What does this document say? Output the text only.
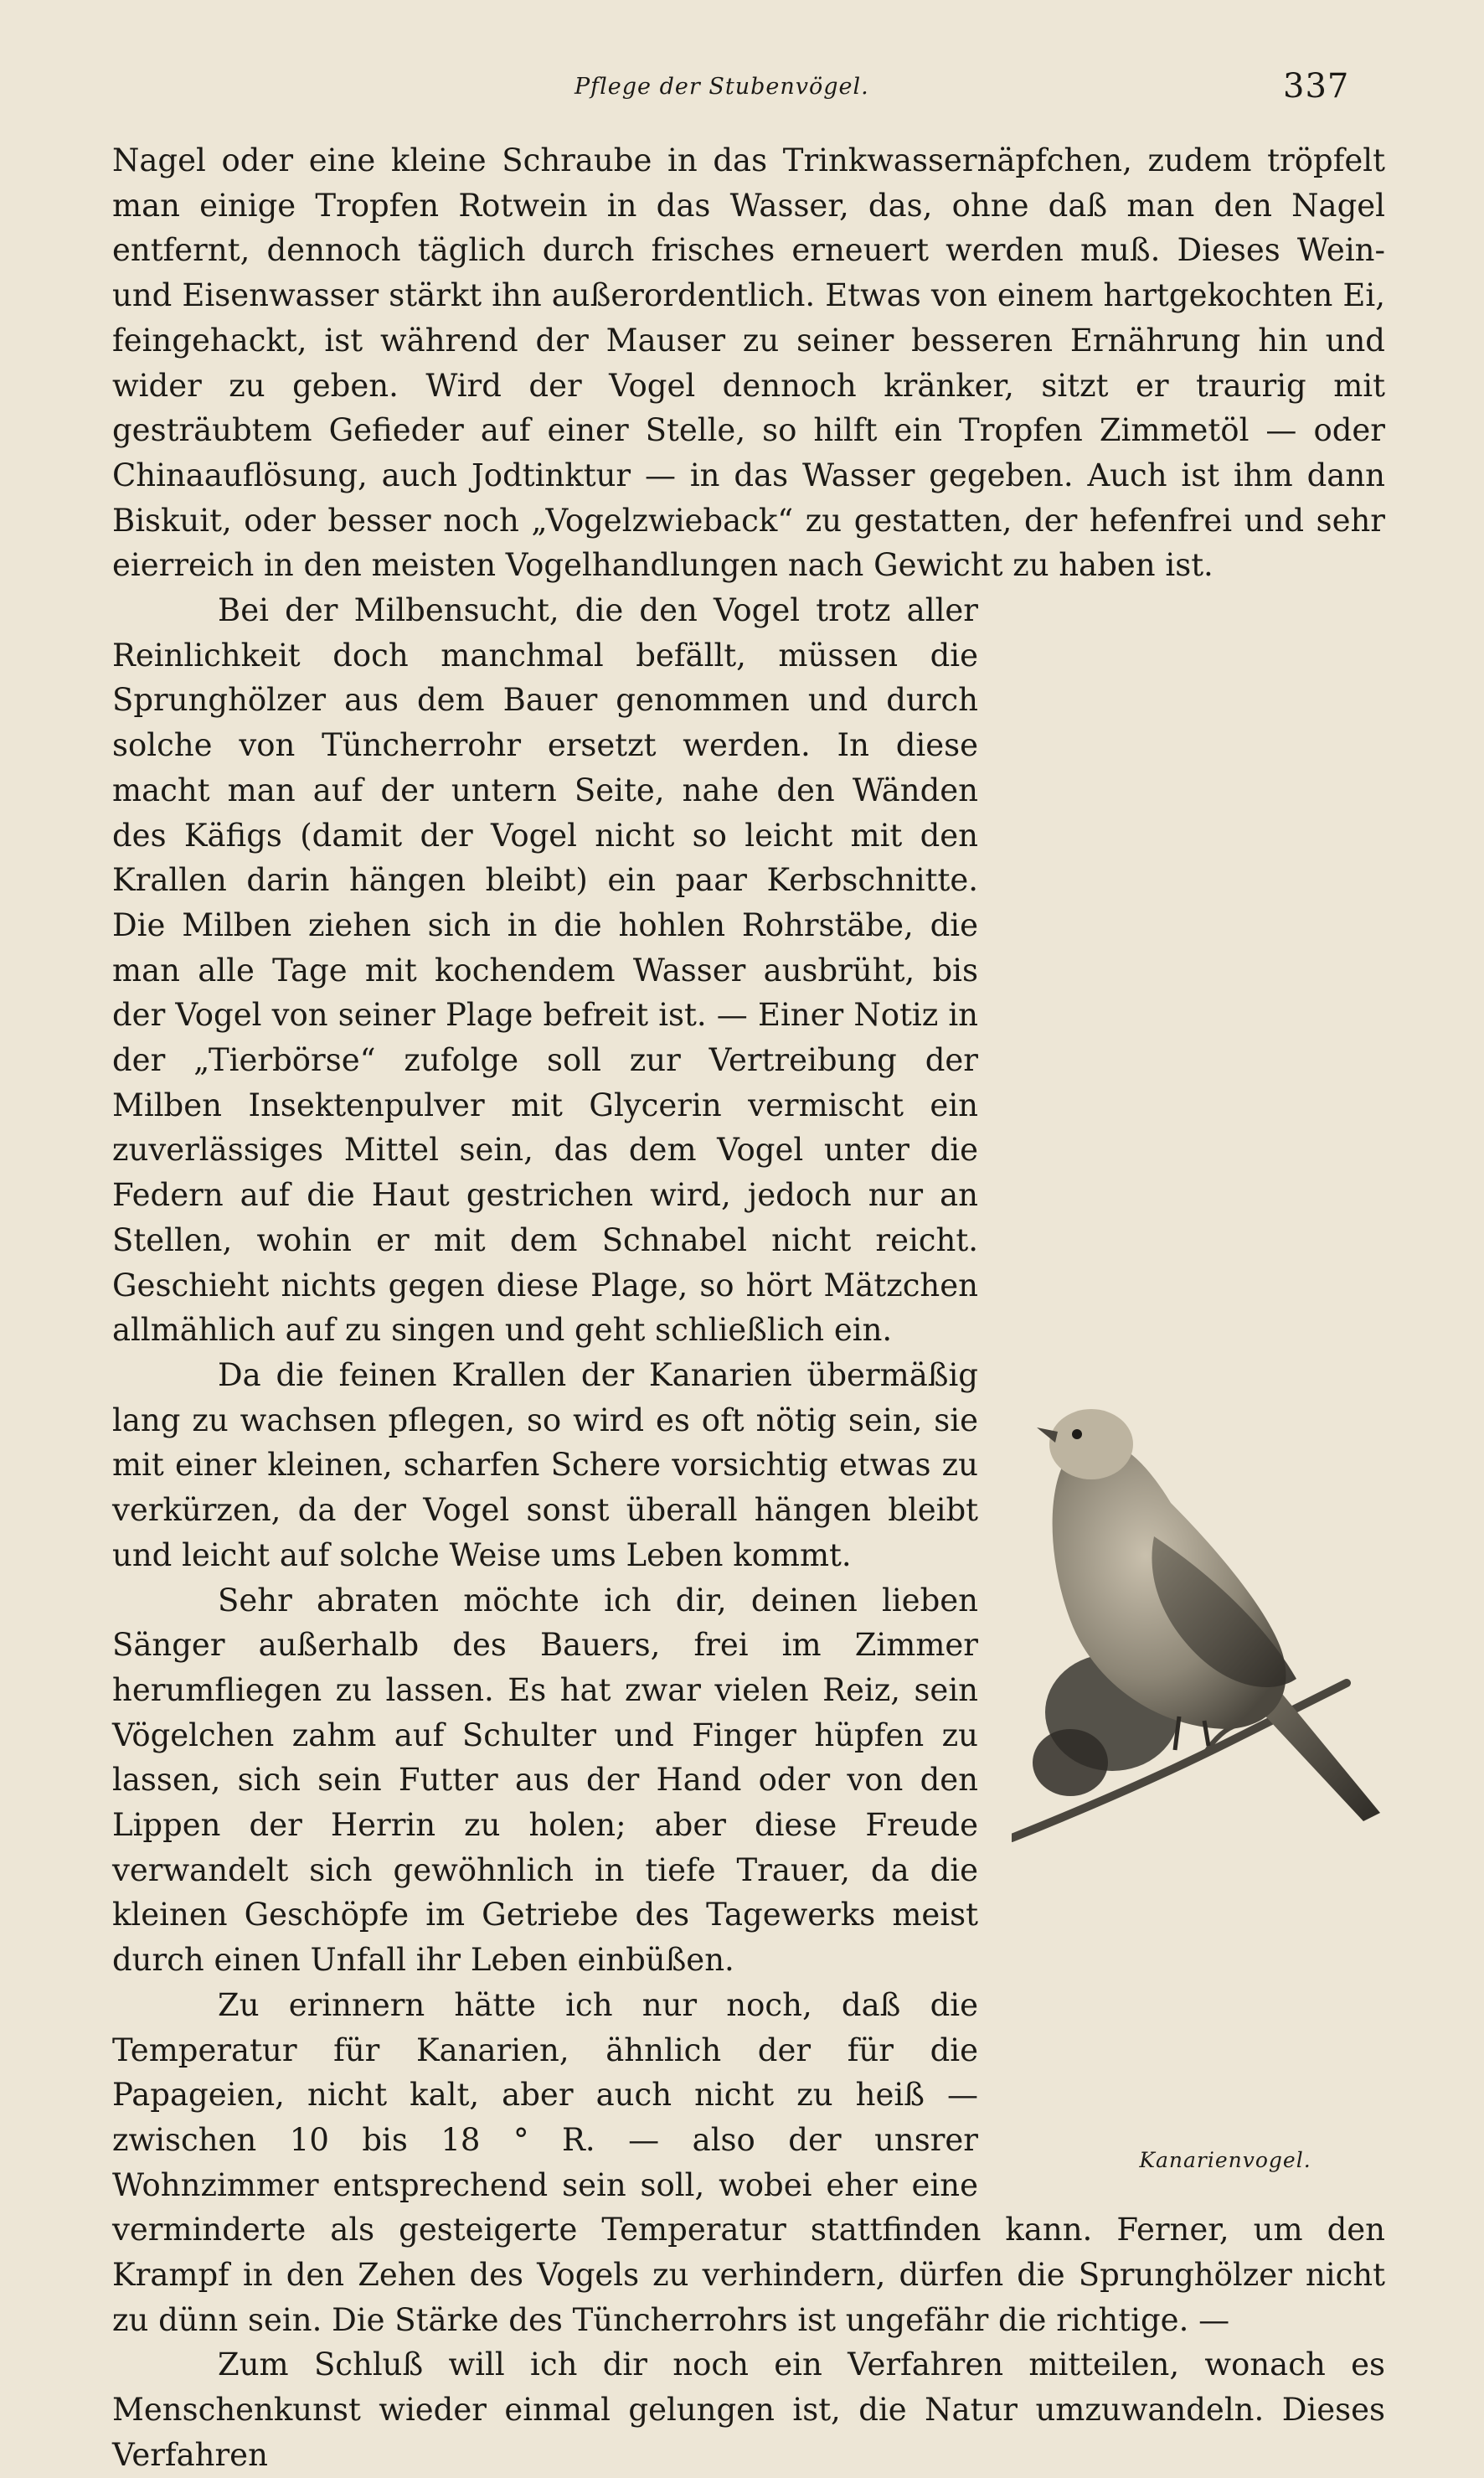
Pflege der Stubenvögel.	337

Nagel oder eine kleine Schraube in das Trinkwassernäpfchen, zudem tröpfelt man einige Tropfen Rotwein in das Wasser, das, ohne daß man den Nagel entfernt, dennoch täglich durch frisches erneuert werden muß. Dieses Wein- und Eisenwasser stärkt ihn außerordentlich. Etwas von einem hartgekochten Ei, feingehackt, ist während der Mauser zu seiner besseren Ernährung hin und wider zu geben. Wird der Vogel dennoch kränker, sitzt er traurig mit gesträubtem Gefieder auf einer Stelle, so hilft ein Tropfen Zimmetöl — oder Chinaauflösung, auch Jodtinktur — in das Wasser gegeben. Auch ist ihm dann Biskuit, oder besser noch „Vogelzwieback“ zu gestatten, der hefenfrei und sehr eierreich in den meisten Vogelhandlungen nach Gewicht zu haben ist.

Kanarienvogel.

Bei der Milbensucht, die den Vogel trotz aller Reinlichkeit doch manchmal befällt, müssen die Sprunghölzer aus dem Bauer genommen und durch solche von Tüncherrohr ersetzt werden. In diese macht man auf der untern Seite, nahe den Wänden des Käfigs (damit der Vogel nicht so leicht mit den Krallen darin hängen bleibt) ein paar Kerbschnitte. Die Milben ziehen sich in die hohlen Rohrstäbe, die man alle Tage mit kochendem Wasser ausbrüht, bis der Vogel von seiner Plage befreit ist. — Einer Notiz in der „Tierbörse“ zufolge soll zur Vertreibung der Milben Insektenpulver mit Glycerin vermischt ein zuverlässiges Mittel sein, das dem Vogel unter die Federn auf die Haut gestrichen wird, jedoch nur an Stellen, wohin er mit dem Schnabel nicht reicht. Geschieht nichts gegen diese Plage, so hört Mätzchen allmählich auf zu singen und geht schließlich ein.

Da die feinen Krallen der Kanarien übermäßig lang zu wachsen pflegen, so wird es oft nötig sein, sie mit einer kleinen, scharfen Schere vorsichtig etwas zu verkürzen, da der Vogel sonst überall hängen bleibt und leicht auf solche Weise ums Leben kommt.

Sehr abraten möchte ich dir, deinen lieben Sänger außerhalb des Bauers, frei im Zimmer herumfliegen zu lassen. Es hat zwar vielen Reiz, sein Vögelchen zahm auf Schulter und Finger hüpfen zu lassen, sich sein Futter aus der Hand oder von den Lippen der Herrin zu holen; aber diese Freude verwandelt sich gewöhnlich in tiefe Trauer, da die kleinen Geschöpfe im Getriebe des Tagewerks meist durch einen Unfall ihr Leben einbüßen.

Zu erinnern hätte ich nur noch, daß die Temperatur für Kanarien, ähnlich der für die Papageien, nicht kalt, aber auch nicht zu heiß — zwischen 10 bis 18 ° R. — also der unsrer Wohnzimmer entsprechend sein soll, wobei eher eine verminderte als gesteigerte Temperatur stattfinden kann. Ferner, um den Krampf in den Zehen des Vogels zu verhindern, dürfen die Sprunghölzer nicht zu dünn sein. Die Stärke des Tüncherrohrs ist ungefähr die richtige. —

Zum Schluß will ich dir noch ein Verfahren mitteilen, wonach es Menschenkunst wieder einmal gelungen ist, die Natur umzuwandeln. Dieses Verfahren
